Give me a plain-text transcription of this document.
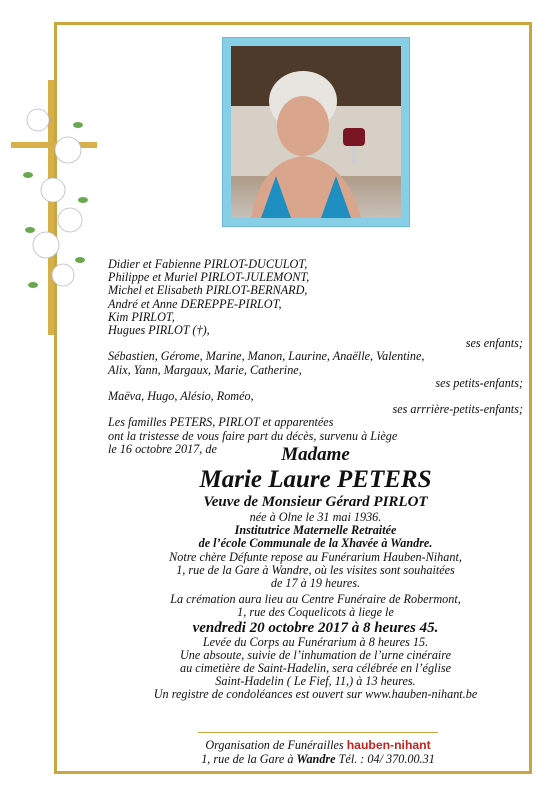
Didier et Fabienne PIRLOT-DUCULOT,
Philippe et Muriel PIRLOT-JULEMONT,
Michel et Elisabeth PIRLOT-BERNARD,
André et Anne DEREPPE-PIRLOT,
Kim PIRLOT,
Hugues PIRLOT (†),
ses enfants;
Sébastien, Gérome, Marine, Manon, Laurine, Anaëlle, Valentine,
Alix, Yann, Margaux, Marie, Catherine,
ses petits-enfants;
Maëva, Hugo, Alésio, Roméo,
ses arrrière-petits-enfants;
Les familles PETERS, PIRLOT et apparentées
ont la tristesse de vous faire part du décès, survenu à Liège
le 16 octobre 2017, de	Madame
Marie Laure PETERS
Veuve de Monsieur Gérard PIRLOT
née à Olne le 31 mai 1936.
Institutrice Maternelle Retraitée
de l’école Communale de la Xhavée à Wandre.
Notre chère Défunte repose au Funérarium Hauben-Nihant,
1, rue de la Gare à Wandre, où les visites sont souhaitées
de 17 à 19 heures.
La crémation aura lieu au Centre Funéraire de Robermont,
1, rue des Coquelicots à liege le
vendredi 20 octobre 2017 à 8 heures 45.
Levée du Corps au Funérarium à 8 heures 15.
Une absoute, suivie de l’inhumation de l’urne cinéraire
au cimetière de Saint-Hadelin, sera célébrée en l’église
Saint-Hadelin ( Le Fief, 11,) à 13 heures.
Un registre de condoléances est ouvert sur www.hauben-nihant.be
Organisation de Funérailles hauben-nihant
1, rue de la Gare à Wandre Tél. : 04/ 370.00.31
